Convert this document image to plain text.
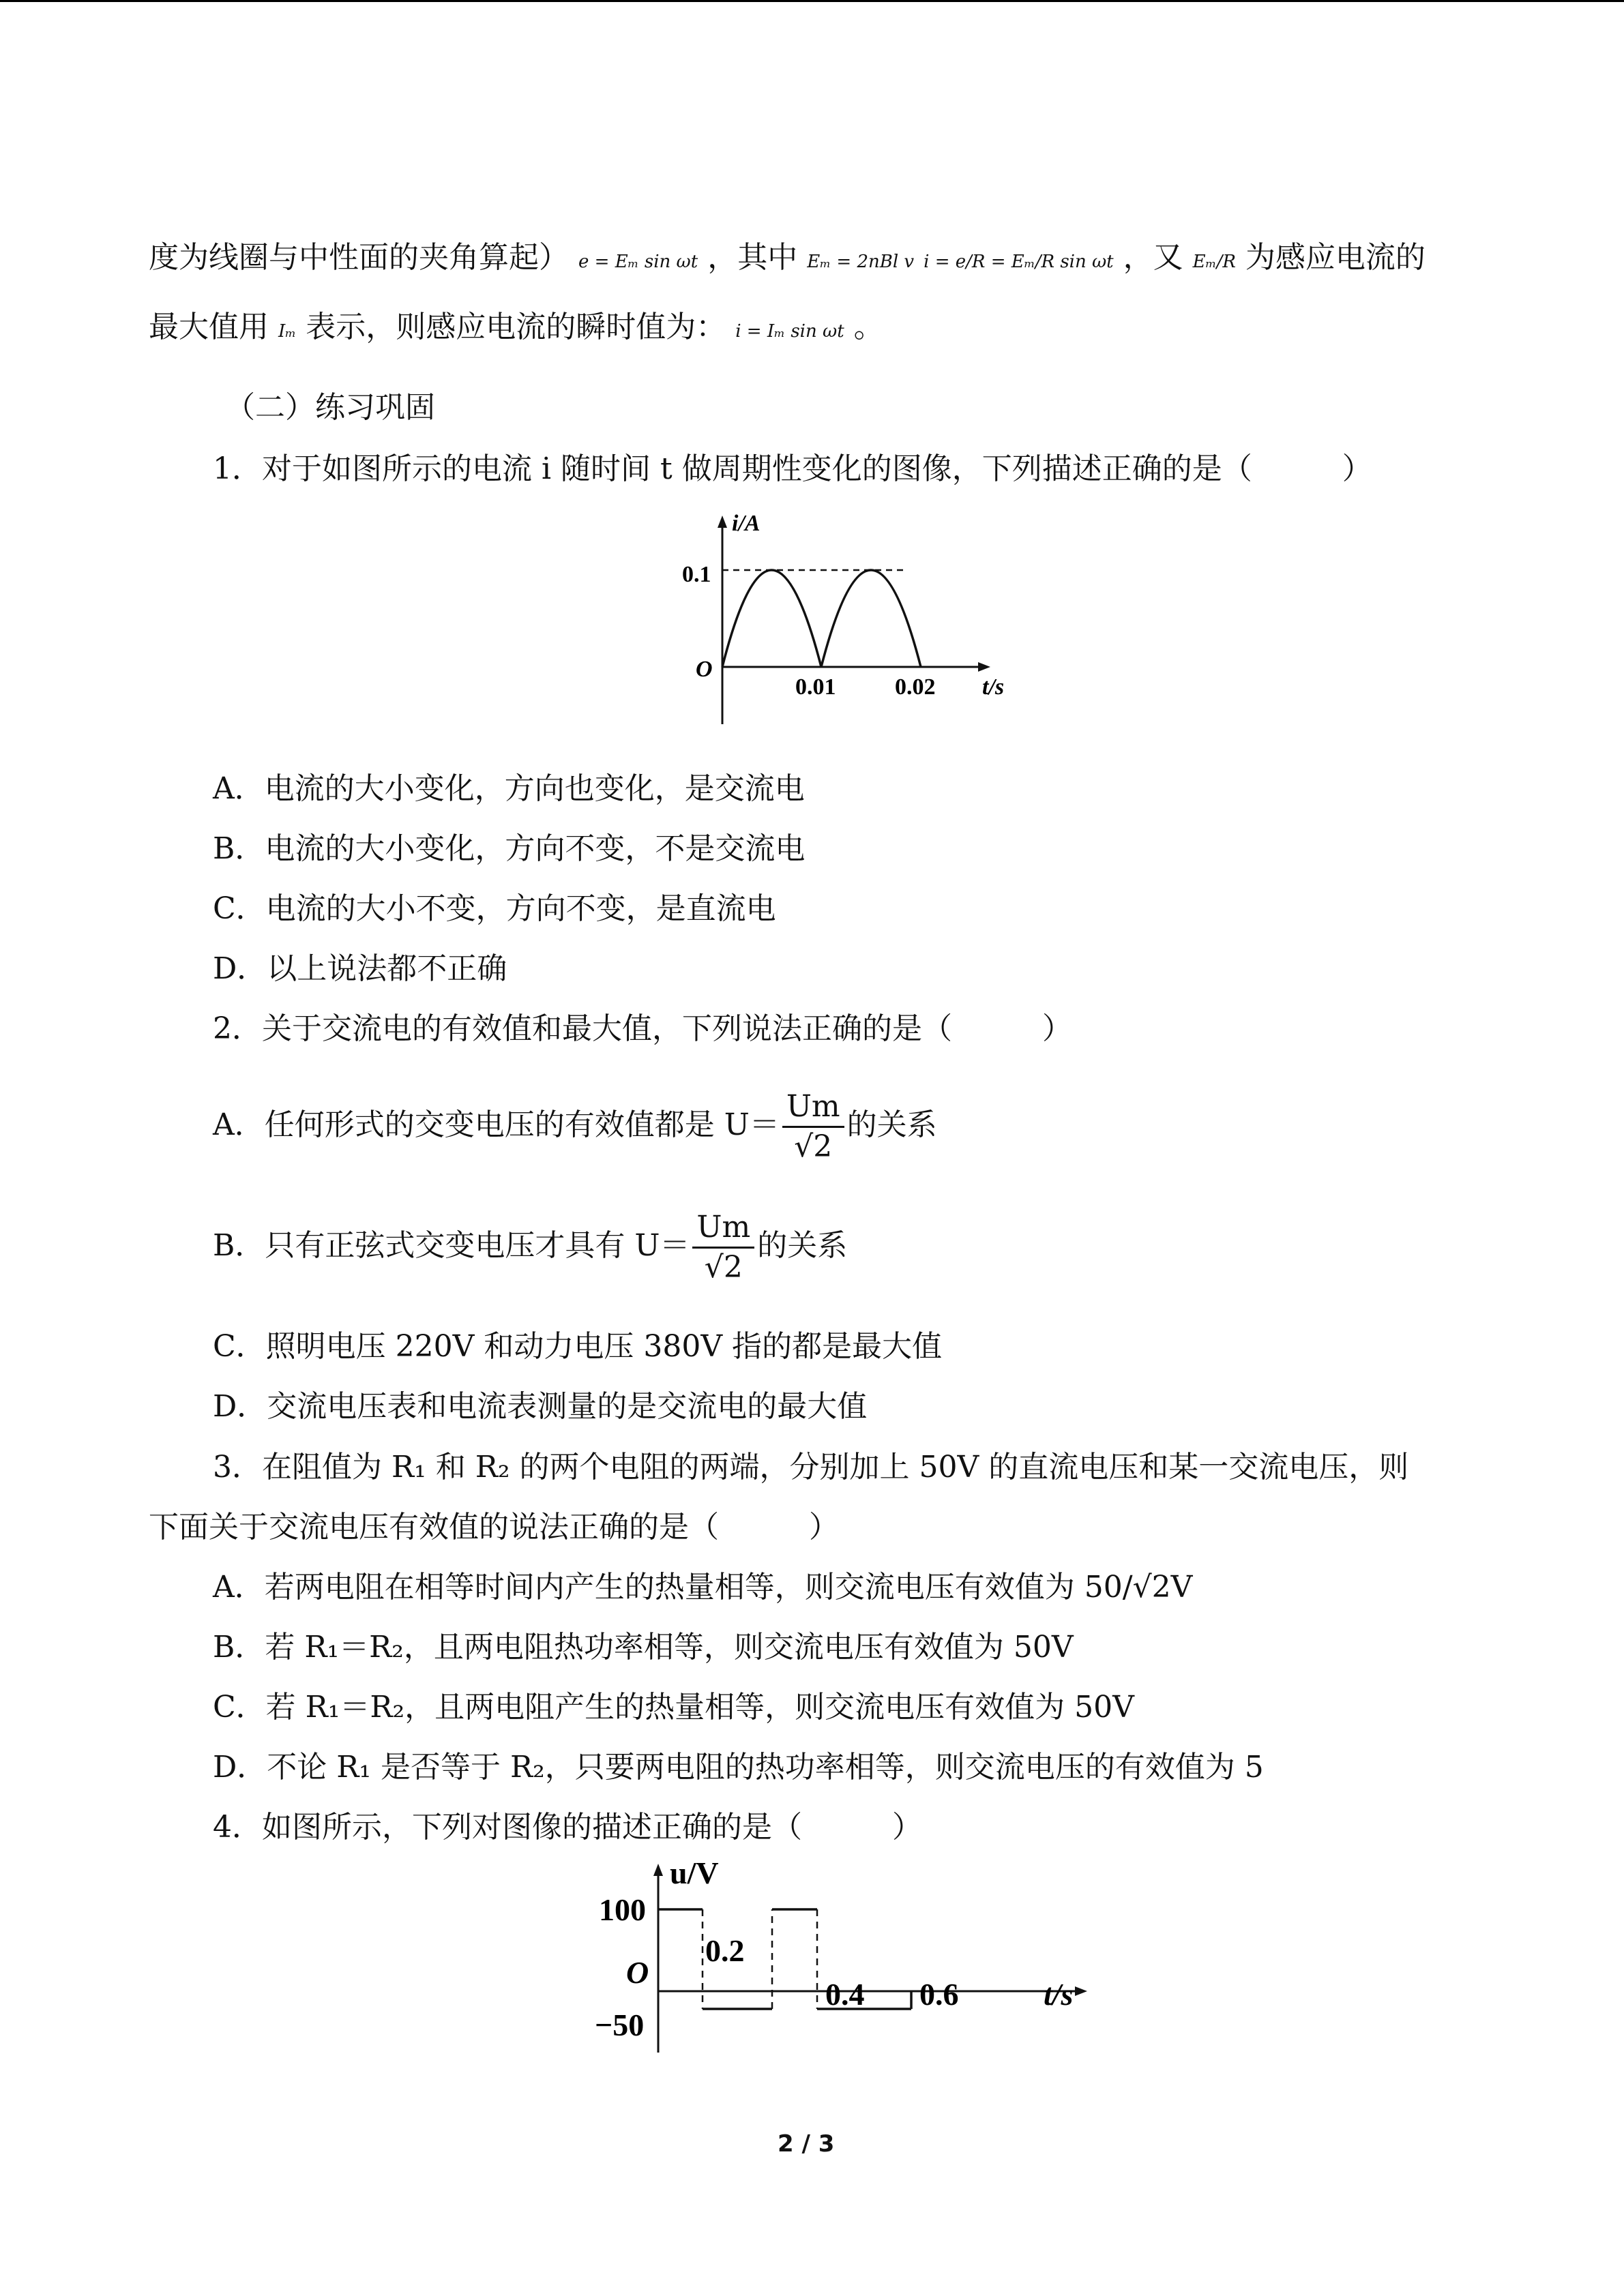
度为线圈与中性面的夹角算起） e = Eₘ sin ωt ，其中 Eₘ = 2nBl v i = e/R = Eₘ/R sin ωt ，又 Eₘ/R 为感应电流的
最大值用 Iₘ 表示，则感应电流的瞬时值为： i = Iₘ sin ωt 。
（二）练习巩固
1．对于如图所示的电流 i 随时间 t 做周期性变化的图像，下列描述正确的是（　　　）
i/A
0.1
O
0.01	0.02 t/s
A．电流的大小变化，方向也变化，是交流电
B．电流的大小变化，方向不变，不是交流电
C．电流的大小不变，方向不变，是直流电
D．以上说法都不正确
2．关于交流电的有效值和最大值，下列说法正确的是（　　　）
A．任何形式的交变电压的有效值都是 $U= \frac{Um}{√2}$ 的关系
B．只有正弦式交变电压才具有 $U= \frac{Um}{√2}$ 的关系
C．照明电压 220V 和动力电压 380V 指的都是最大值
D．交流电压表和电流表测量的是交流电的最大值
3．在阻值为 R₁ 和 R₂ 的两个电阻的两端，分别加上 50V 的直流电压和某一交流电压，则
下面关于交流电压有效值的说法正确的是（　　　）
A．若两电阻在相等时间内产生的热量相等，则交流电压有效值为 50/√2V
B．若 R₁＝R₂，且两电阻热功率相等，则交流电压有效值为 50V
C．若 R₁＝R₂，且两电阻产生的热量相等，则交流电压有效值为 50V
D．不论 R₁ 是否等于 R₂，只要两电阻的热功率相等，则交流电压的有效值为 5
4．如图所示，下列对图像的描述正确的是（　　　）
u/V
100
O
−50
0.2
0.4 0.6	t/s
2 / 3
